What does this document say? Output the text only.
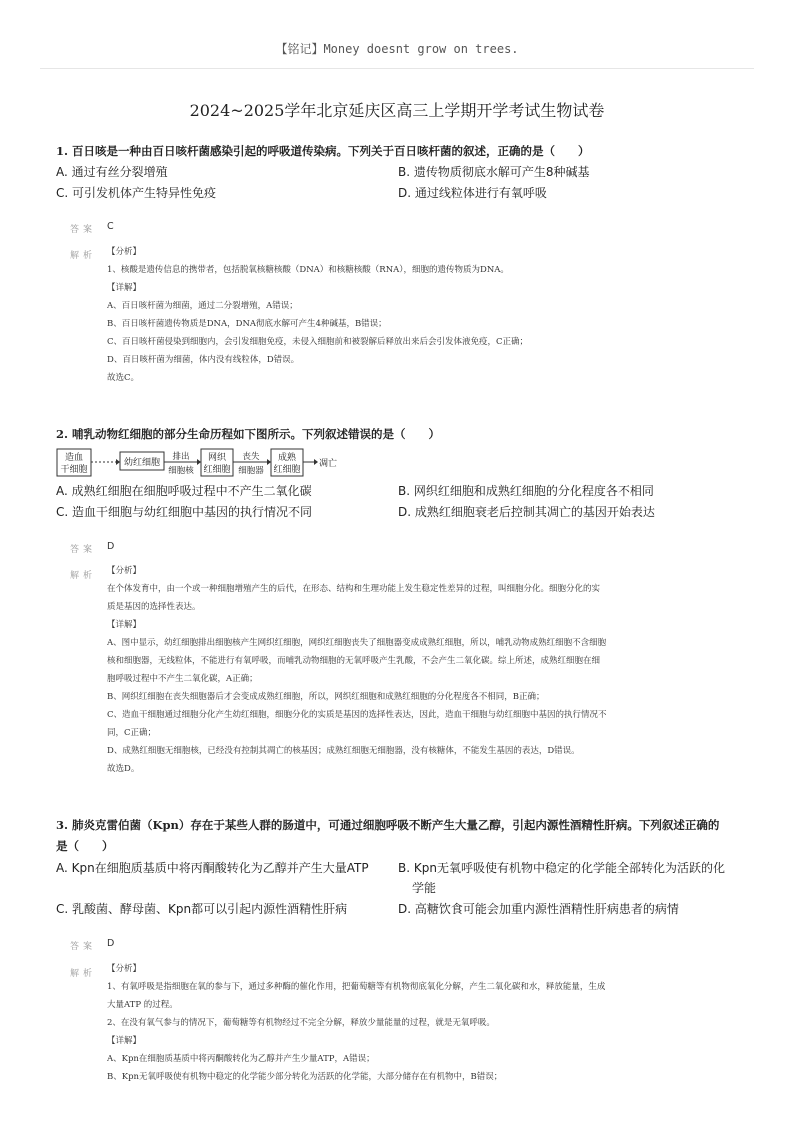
【铭记】Money doesnt grow on trees.
2024~2025学年北京延庆区高三上学期开学考试生物试卷
1. 百日咳是一种由百日咳杆菌感染引起的呼吸道传染病。下列关于百日咳杆菌的叙述，正确的是（　　）
A. 通过有丝分裂增殖	B. 遗传物质彻底水解可产生8种碱基
C. 可引发机体产生特异性免疫	D. 通过线粒体进行有氧呼吸
答案 C
解析 【分析】
1、核酸是遗传信息的携带者，包括脱氧核糖核酸（DNA）和核糖核酸（RNA），细胞的遗传物质为DNA。
【详解】
A、百日咳杆菌为细菌，通过二分裂增殖，A错误；
B、百日咳杆菌遗传物质是DNA，DNA彻底水解可产生4种碱基，B错误；
C、百日咳杆菌侵染到细胞内，会引发细胞免疫，未侵入细胞前和被裂解后释放出来后会引发体液免疫，C正确；
D、百日咳杆菌为细菌，体内没有线粒体，D错误。
故选C。
2. 哺乳动物红细胞的部分生命历程如下图所示。下列叙述错误的是（　　）
造血
干细胞
幼红细胞
排出
细胞核
网织
红细胞
丧失
细胞器
成熟
红细胞
凋亡
A. 成熟红细胞在细胞呼吸过程中不产生二氧化碳	B. 网织红细胞和成熟红细胞的分化程度各不相同
C. 造血干细胞与幼红细胞中基因的执行情况不同	D. 成熟红细胞衰老后控制其凋亡的基因开始表达
答案 D
解析 【分析】
在个体发育中，由一个或一种细胞增殖产生的后代，在形态、结构和生理功能上发生稳定性差异的过程，叫细胞分化。细胞分化的实
质是基因的选择性表达。
【详解】
A、图中显示，幼红细胞排出细胞核产生网织红细胞，网织红细胞丧失了细胞器变成成熟红细胞，所以，哺乳动物成熟红细胞不含细胞
核和细胞器，无线粒体，不能进行有氧呼吸，而哺乳动物细胞的无氧呼吸产生乳酸，不会产生二氧化碳。综上所述，成熟红细胞在细
胞呼吸过程中不产生二氧化碳，A正确；
B、网织红细胞在丧失细胞器后才会变成成熟红细胞，所以，网织红细胞和成熟红细胞的分化程度各不相同，B正确；
C、造血干细胞通过细胞分化产生幼红细胞，细胞分化的实质是基因的选择性表达，因此，造血干细胞与幼红细胞中基因的执行情况不
同，C正确；
D、成熟红细胞无细胞核，已经没有控制其凋亡的核基因；成熟红细胞无细胞器，没有核糖体，不能发生基因的表达，D错误。
故选D。
3. 肺炎克雷伯菌（Kpn）存在于某些人群的肠道中，可通过细胞呼吸不断产生大量乙醇，引起内源性酒精性肝病。下列叙述正确的
是（　　）
A. Kpn在细胞质基质中将丙酮酸转化为乙醇并产生大量ATP B. Kpn无氧呼吸使有机物中稳定的化学能全部转化为活跃的化
学能
C. 乳酸菌、酵母菌、Kpn都可以引起内源性酒精性肝病	D. 高糖饮食可能会加重内源性酒精性肝病患者的病情
答案 D
解析 【分析】
1、有氧呼吸是指细胞在氧的参与下，通过多种酶的催化作用，把葡萄糖等有机物彻底氧化分解，产生二氧化碳和水，释放能量，生成
大量ATP 的过程。
2、在没有氧气参与的情况下，葡萄糖等有机物经过不完全分解，释放少量能量的过程，就是无氧呼吸。
【详解】
A、Kpn在细胞质基质中将丙酮酸转化为乙醇并产生少量ATP，A错误；
B、Kpn无氧呼吸使有机物中稳定的化学能少部分转化为活跃的化学能，大部分储存在有机物中，B错误；
